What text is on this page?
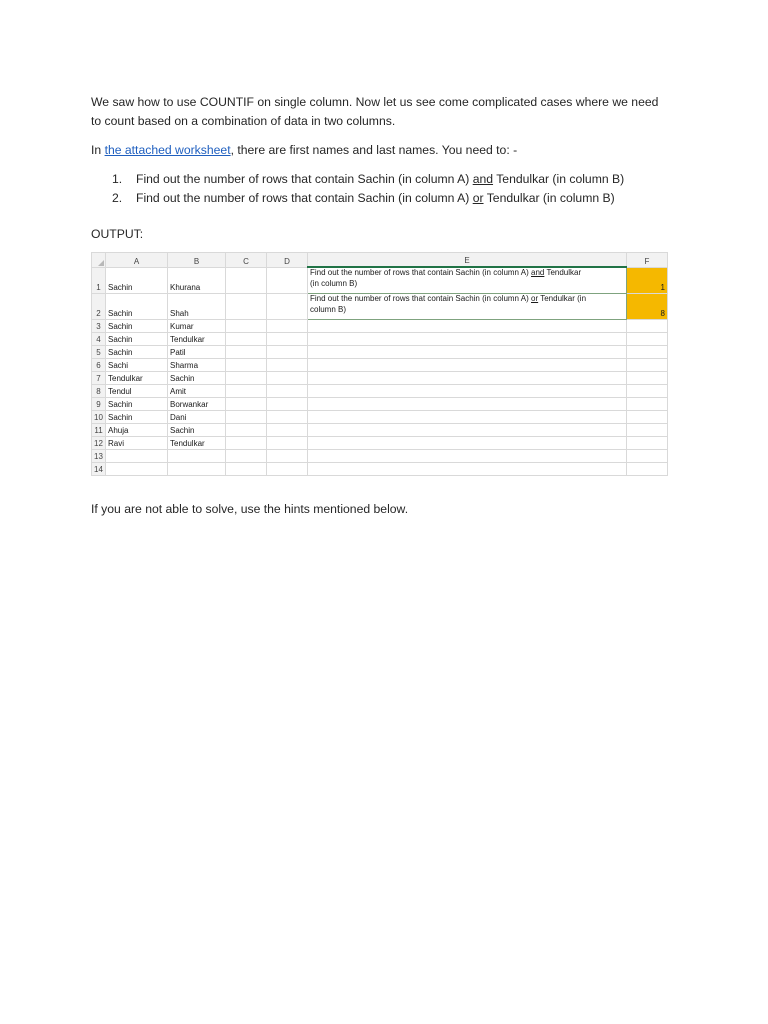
We saw how to use COUNTIF on single column. Now let us see come complicated cases where we need
to count based on a combination of data in two columns.
In the attached worksheet, there are first names and last names. You need to: -
1.	Find out the number of rows that contain Sachin (in column A) and Tendulkar (in column B)
2.	Find out the number of rows that contain Sachin (in column A) or Tendulkar (in column B)
OUTPUT:
	A	B	C	D	E	F
1	Sachin	Khurana			Find out the number of rows that contain Sachin (in column A) and Tendulkar
(in column B)	1
2	Sachin	Shah			Find out the number of rows that contain Sachin (in column A) or Tendulkar (in
column B)	8
3	Sachin	Kumar				
4	Sachin	Tendulkar				
5	Sachin	Patil				
6	Sachi	Sharma				
7	Tendulkar	Sachin				
8	Tendul	Amit				
9	Sachin	Borwankar				
10	Sachin	Dani				
11	Ahuja	Sachin				
12	Ravi	Tendulkar				
13						
14						
If you are not able to solve, use the hints mentioned below.
